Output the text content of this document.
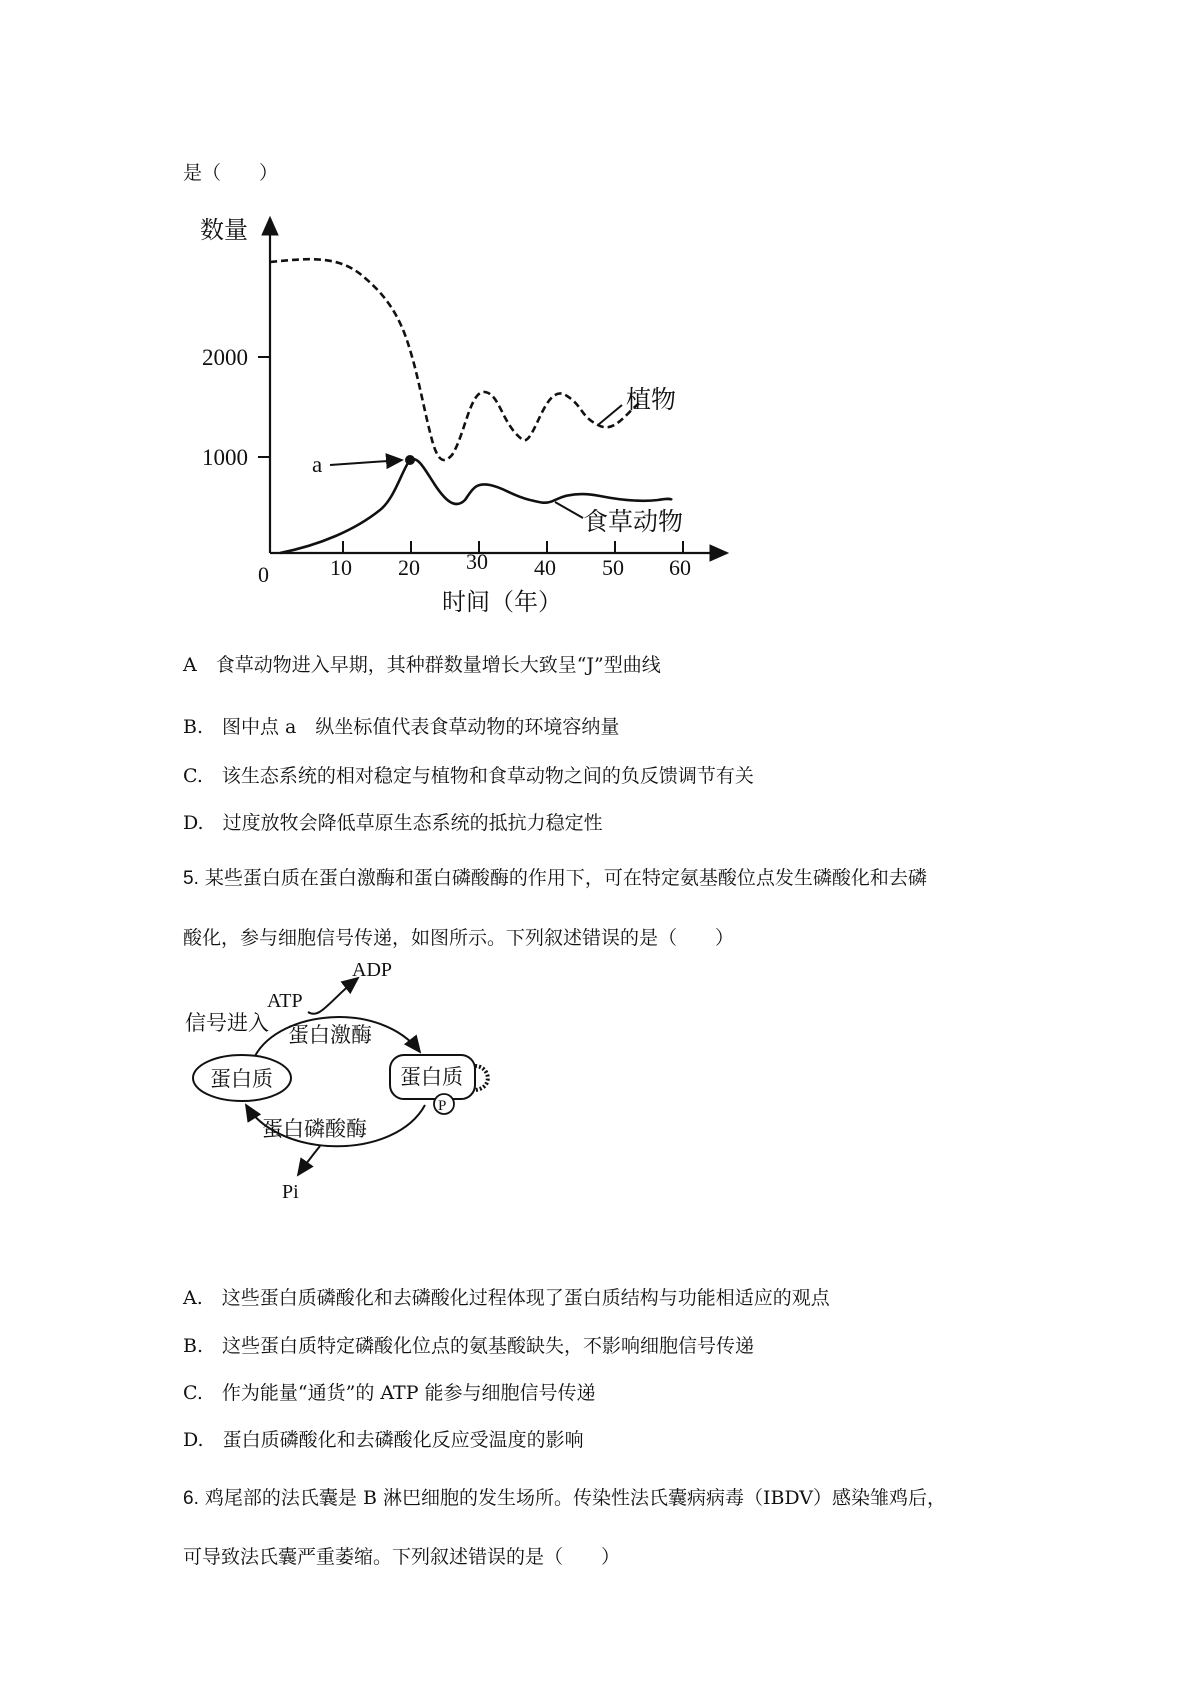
是（　　）
数量
2000
1000
0	10 20 30 40 50 60
时间（年）
a
植物
食草动物
A　食草动物进入早期，其种群数量增长大致呈“J”型曲线
B.　图中点 a　纵坐标值代表食草动物的环境容纳量
C.　该生态系统的相对稳定与植物和食草动物之间的负反馈调节有关
D.　过度放牧会降低草原生态系统的抵抗力稳定性
5. 某些蛋白质在蛋白激酶和蛋白磷酸酶的作用下，可在特定氨基酸位点发生磷酸化和去磷
酸化，参与细胞信号传递，如图所示。下列叙述错误的是（　　）
蛋白质	蛋白质
P
蛋白激酶
ATP
ADP
信号进入
蛋白磷酸酶
Pi
A.　这些蛋白质磷酸化和去磷酸化过程体现了蛋白质结构与功能相适应的观点
B.　这些蛋白质特定磷酸化位点的氨基酸缺失，不影响细胞信号传递
C.　作为能量“通货”的 ATP 能参与细胞信号传递
D.　蛋白质磷酸化和去磷酸化反应受温度的影响
6. 鸡尾部的法氏囊是 B 淋巴细胞的发生场所。传染性法氏囊病病毒（IBDV）感染雏鸡后，
可导致法氏囊严重萎缩。下列叙述错误的是（　　）
